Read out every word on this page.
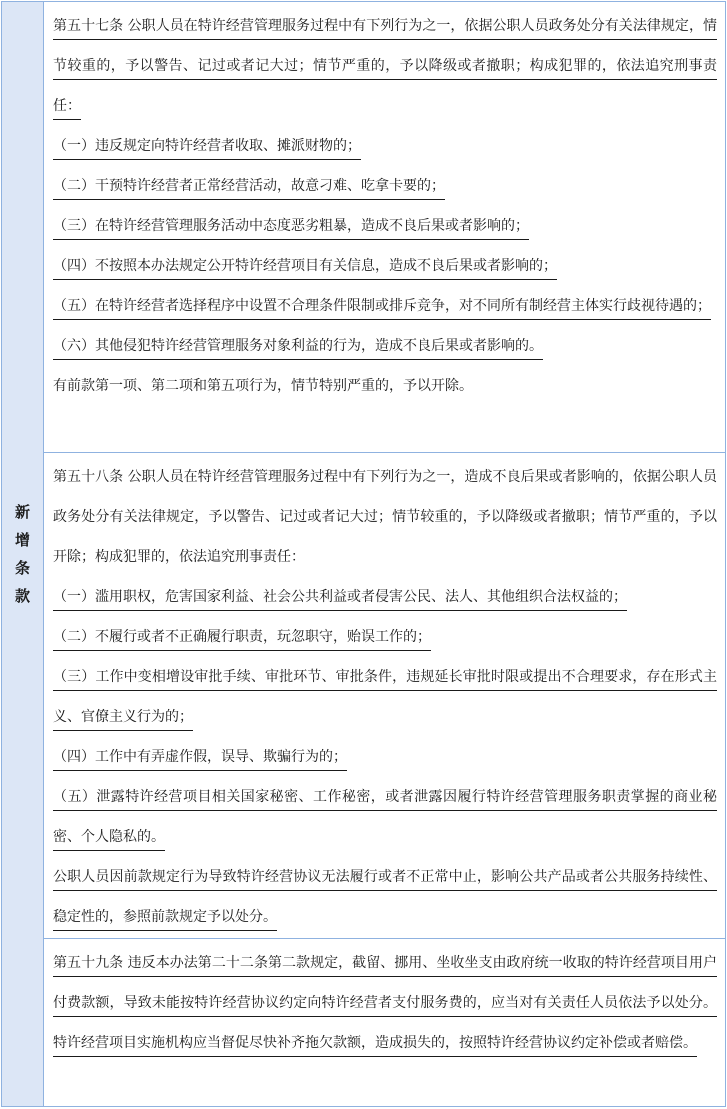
新
增
条
款
第五十七条 公职人员在特许经营管理服务过程中有下列行为之一，依据公职人员政务处分有关法律规定，情节较重的，予以警告、记过或者记大过；情节严重的，予以降级或者撤职；构成犯罪的，依法追究刑事责任：
（一）违反规定向特许经营者收取、摊派财物的；
（二）干预特许经营者正常经营活动，故意刁难、吃拿卡要的；
（三）在特许经营管理服务活动中态度恶劣粗暴，造成不良后果或者影响的；
（四）不按照本办法规定公开特许经营项目有关信息，造成不良后果或者影响的；
（五）在特许经营者选择程序中设置不合理条件限制或排斥竞争，对不同所有制经营主体实行歧视待遇的；
（六）其他侵犯特许经营管理服务对象利益的行为，造成不良后果或者影响的。
有前款第一项、第二项和第五项行为，情节特别严重的，予以开除。
第五十八条 公职人员在特许经营管理服务过程中有下列行为之一，造成不良后果或者影响的，依据公职人员政务处分有关法律规定，予以警告、记过或者记大过；情节较重的，予以降级或者撤职；情节严重的，予以开除；构成犯罪的，依法追究刑事责任：
（一）滥用职权，危害国家利益、社会公共利益或者侵害公民、法人、其他组织合法权益的；
（二）不履行或者不正确履行职责，玩忽职守，贻误工作的；
（三）工作中变相增设审批手续、审批环节、审批条件，违规延长审批时限或提出不合理要求，存在形式主义、官僚主义行为的；
（四）工作中有弄虚作假，误导、欺骗行为的；
（五）泄露特许经营项目相关国家秘密、工作秘密，或者泄露因履行特许经营管理服务职责掌握的商业秘密、个人隐私的。
公职人员因前款规定行为导致特许经营协议无法履行或者不正常中止，影响公共产品或者公共服务持续性、稳定性的，参照前款规定予以处分。
第五十九条 违反本办法第二十二条第二款规定，截留、挪用、坐收坐支由政府统一收取的特许经营项目用户付费款额，导致未能按特许经营协议约定向特许经营者支付服务费的，应当对有关责任人员依法予以处分。特许经营项目实施机构应当督促尽快补齐拖欠款额，造成损失的，按照特许经营协议约定补偿或者赔偿。
